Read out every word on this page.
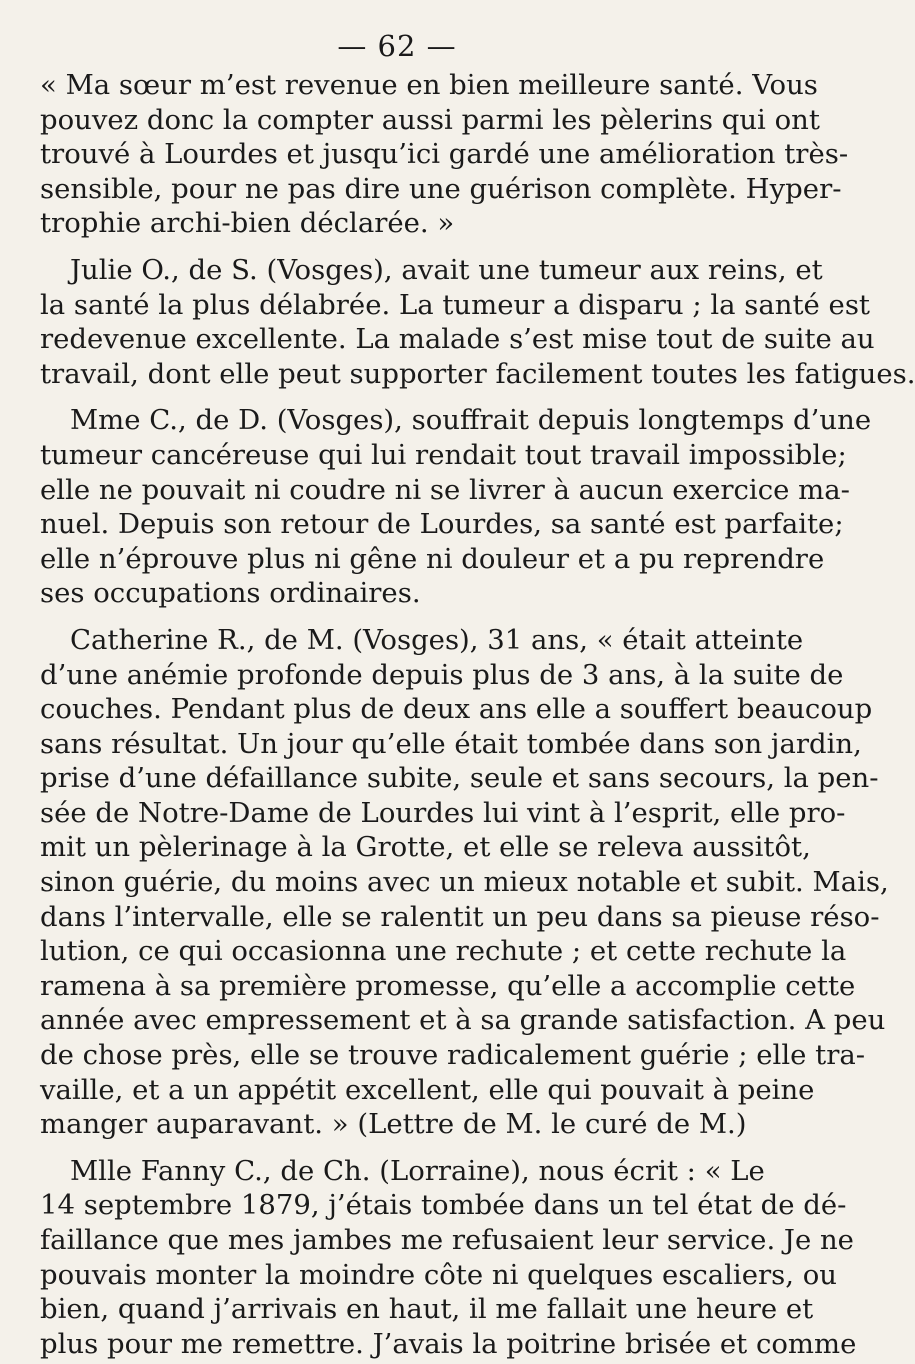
— 62 —
« Ma sœur m’est revenue en bien meilleure santé. Vous
pouvez donc la compter aussi parmi les pèlerins qui ont
trouvé à Lourdes et jusqu’ici gardé une amélioration très-
sensible, pour ne pas dire une guérison complète. Hyper-
trophie archi-bien déclarée. »
Julie O., de S. (Vosges), avait une tumeur aux reins, et
la santé la plus délabrée. La tumeur a disparu ; la santé est
redevenue excellente. La malade s’est mise tout de suite au
travail, dont elle peut supporter facilement toutes les fatigues.
Mme C., de D. (Vosges), souffrait depuis longtemps d’une
tumeur cancéreuse qui lui rendait tout travail impossible;
elle ne pouvait ni coudre ni se livrer à aucun exercice ma-
nuel. Depuis son retour de Lourdes, sa santé est parfaite;
elle n’éprouve plus ni gêne ni douleur et a pu reprendre
ses occupations ordinaires.
Catherine R., de M. (Vosges), 31 ans, « était atteinte
d’une anémie profonde depuis plus de 3 ans, à la suite de
couches. Pendant plus de deux ans elle a souffert beaucoup
sans résultat. Un jour qu’elle était tombée dans son jardin,
prise d’une défaillance subite, seule et sans secours, la pen-
sée de Notre-Dame de Lourdes lui vint à l’esprit, elle pro-
mit un pèlerinage à la Grotte, et elle se releva aussitôt,
sinon guérie, du moins avec un mieux notable et subit. Mais,
dans l’intervalle, elle se ralentit un peu dans sa pieuse réso-
lution, ce qui occasionna une rechute ; et cette rechute la
ramena à sa première promesse, qu’elle a accomplie cette
année avec empressement et à sa grande satisfaction. A peu
de chose près, elle se trouve radicalement guérie ; elle tra-
vaille, et a un appétit excellent, elle qui pouvait à peine
manger auparavant. » (Lettre de M. le curé de M.)
Mlle Fanny C., de Ch. (Lorraine), nous écrit : « Le
14 septembre 1879, j’étais tombée dans un tel état de dé-
faillance que mes jambes me refusaient leur service. Je ne
pouvais monter la moindre côte ni quelques escaliers, ou
bien, quand j’arrivais en haut, il me fallait une heure et
plus pour me remettre. J’avais la poitrine brisée et comme
